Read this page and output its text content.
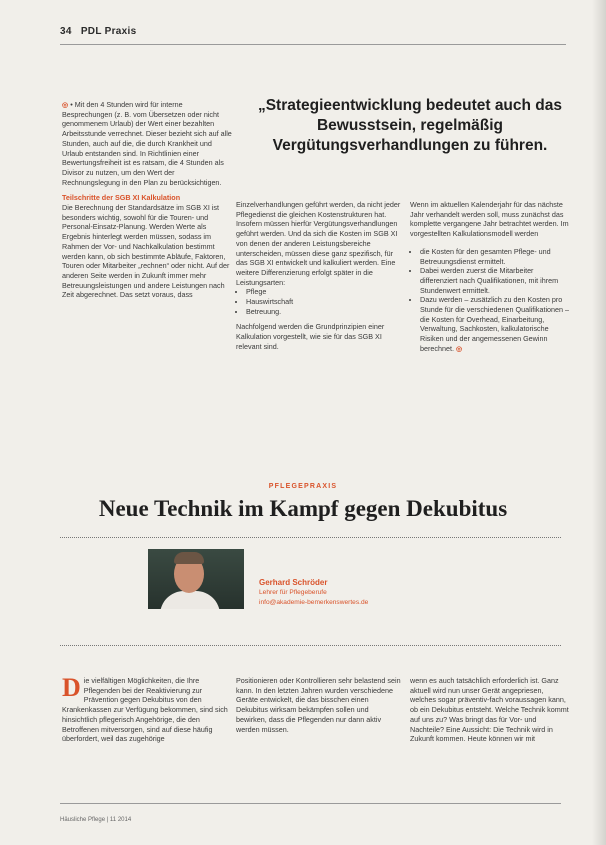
34 PDL Praxis

◎ • Mit den 4 Stunden wird für interne Besprechungen (z. B. vom Übersetzen oder nicht genommenem Urlaub) der Wert einer bezahlten Arbeitsstunde verrechnet. Dieser bezieht sich auf alle Stunden, auch auf die, die durch Krankheit und Urlaub entstanden sind. In Richtlinien einer Bewertungsfreiheit ist es ratsam, die 4 Stunden als Divisor zu nutzen, um den Wert der Rechnungslegung in den Plan zu berücksichtigen.

Teilschritte der SGB XI Kalkulation

Die Berechnung der Standardsätze im SGB XI ist besonders wichtig, sowohl für die Touren- und Personal-Einsatz-Planung. Werden Werte als Ergebnis hinterlegt werden müssen, sodass im Rahmen der Vor- und Nachkalkulation bestimmt werden kann, ob sich bestimmte Abläufe, Faktoren, Touren oder Mitarbeiter „rechnen“ oder nicht. Auf der anderen Seite werden in Zukunft immer mehr Betreuungsleistungen und andere Leistungen nach Zeit abgerechnet. Das setzt voraus, dass

„Strategieentwicklung bedeutet auch das Bewusstsein, regelmäßig Vergütungsverhandlungen zu führen.

Einzelverhandlungen geführt werden, da nicht jeder Pflegedienst die gleichen Kostenstrukturen hat. Insofern müssen hierfür Vergütungsverhandlungen geführt werden. Und da sich die Kosten im SGB XI von denen der anderen Leistungsbereiche unterscheiden, müssen diese ganz spezifisch, für das SGB XI entwickelt und kalkuliert werden. Eine weitere Differenzierung erfolgt später in die Leistungsarten:

• Pflege
• Hauswirtschaft
• Betreuung.

Nachfolgend werden die Grundprinzipien einer Kalkulation vorgestellt, wie sie für das SGB XI relevant sind.

Wenn im aktuellen Kalenderjahr für das nächste Jahr verhandelt werden soll, muss zunächst das komplette vergangene Jahr betrachtet werden. Im vorgestellten Kalkulationsmodell werden

• die Kosten für den gesamten Pflege- und Betreuungsdienst ermittelt.
• Dabei werden zuerst die Mitarbeiter differenziert nach Qualifikationen, mit ihrem Stundenwert ermittelt.
• Dazu werden – zusätzlich zu den Kosten pro Stunde für die verschiedenen Qualifikationen – die Kosten für Overhead, Einarbeitung, Verwaltung, Sachkosten, kalkulatorische Risiken und der angemessenen Gewinn berechnet. ◎
PFLEGEPRAXIS
Neue Technik im Kampf gegen Dekubitus
Gerhard Schröder
Lehrer für Pflegeberufe
info@akademie-bemerkenswertes.de
D ie vielfältigen Möglichkeiten, die Ihre Pflegenden bei der Reaktivierung zur Prävention gegen Dekubitus von den Krankenkassen zur Verfügung bekommen, sind sich hinsichtlich pflegerisch Angehörige, die den Betroffenen mitversorgen, sind auf diese häufig überfordert, weil das zugehörige

Positionieren oder Kontrollieren sehr belastend sein kann. In den letzten Jahren wurden verschiedene Geräte entwickelt, die das bisschen einen Dekubitus wirksam bekämpfen sollen und bewirken, dass die Pflegenden nur dann aktiv werden müssen.

wenn es auch tatsächlich erforderlich ist. Ganz aktuell wird nun unser Gerät angepriesen, welches sogar präventiv-fach voraussagen kann, ob ein Dekubitus entsteht. Welche Technik kommt auf uns zu? Was bringt das für Vor- und Nachteile? Eine Aussicht: Die Technik wird in Zukunft kommen. Heute können wir mit

Häusliche Pflege | 11 2014
